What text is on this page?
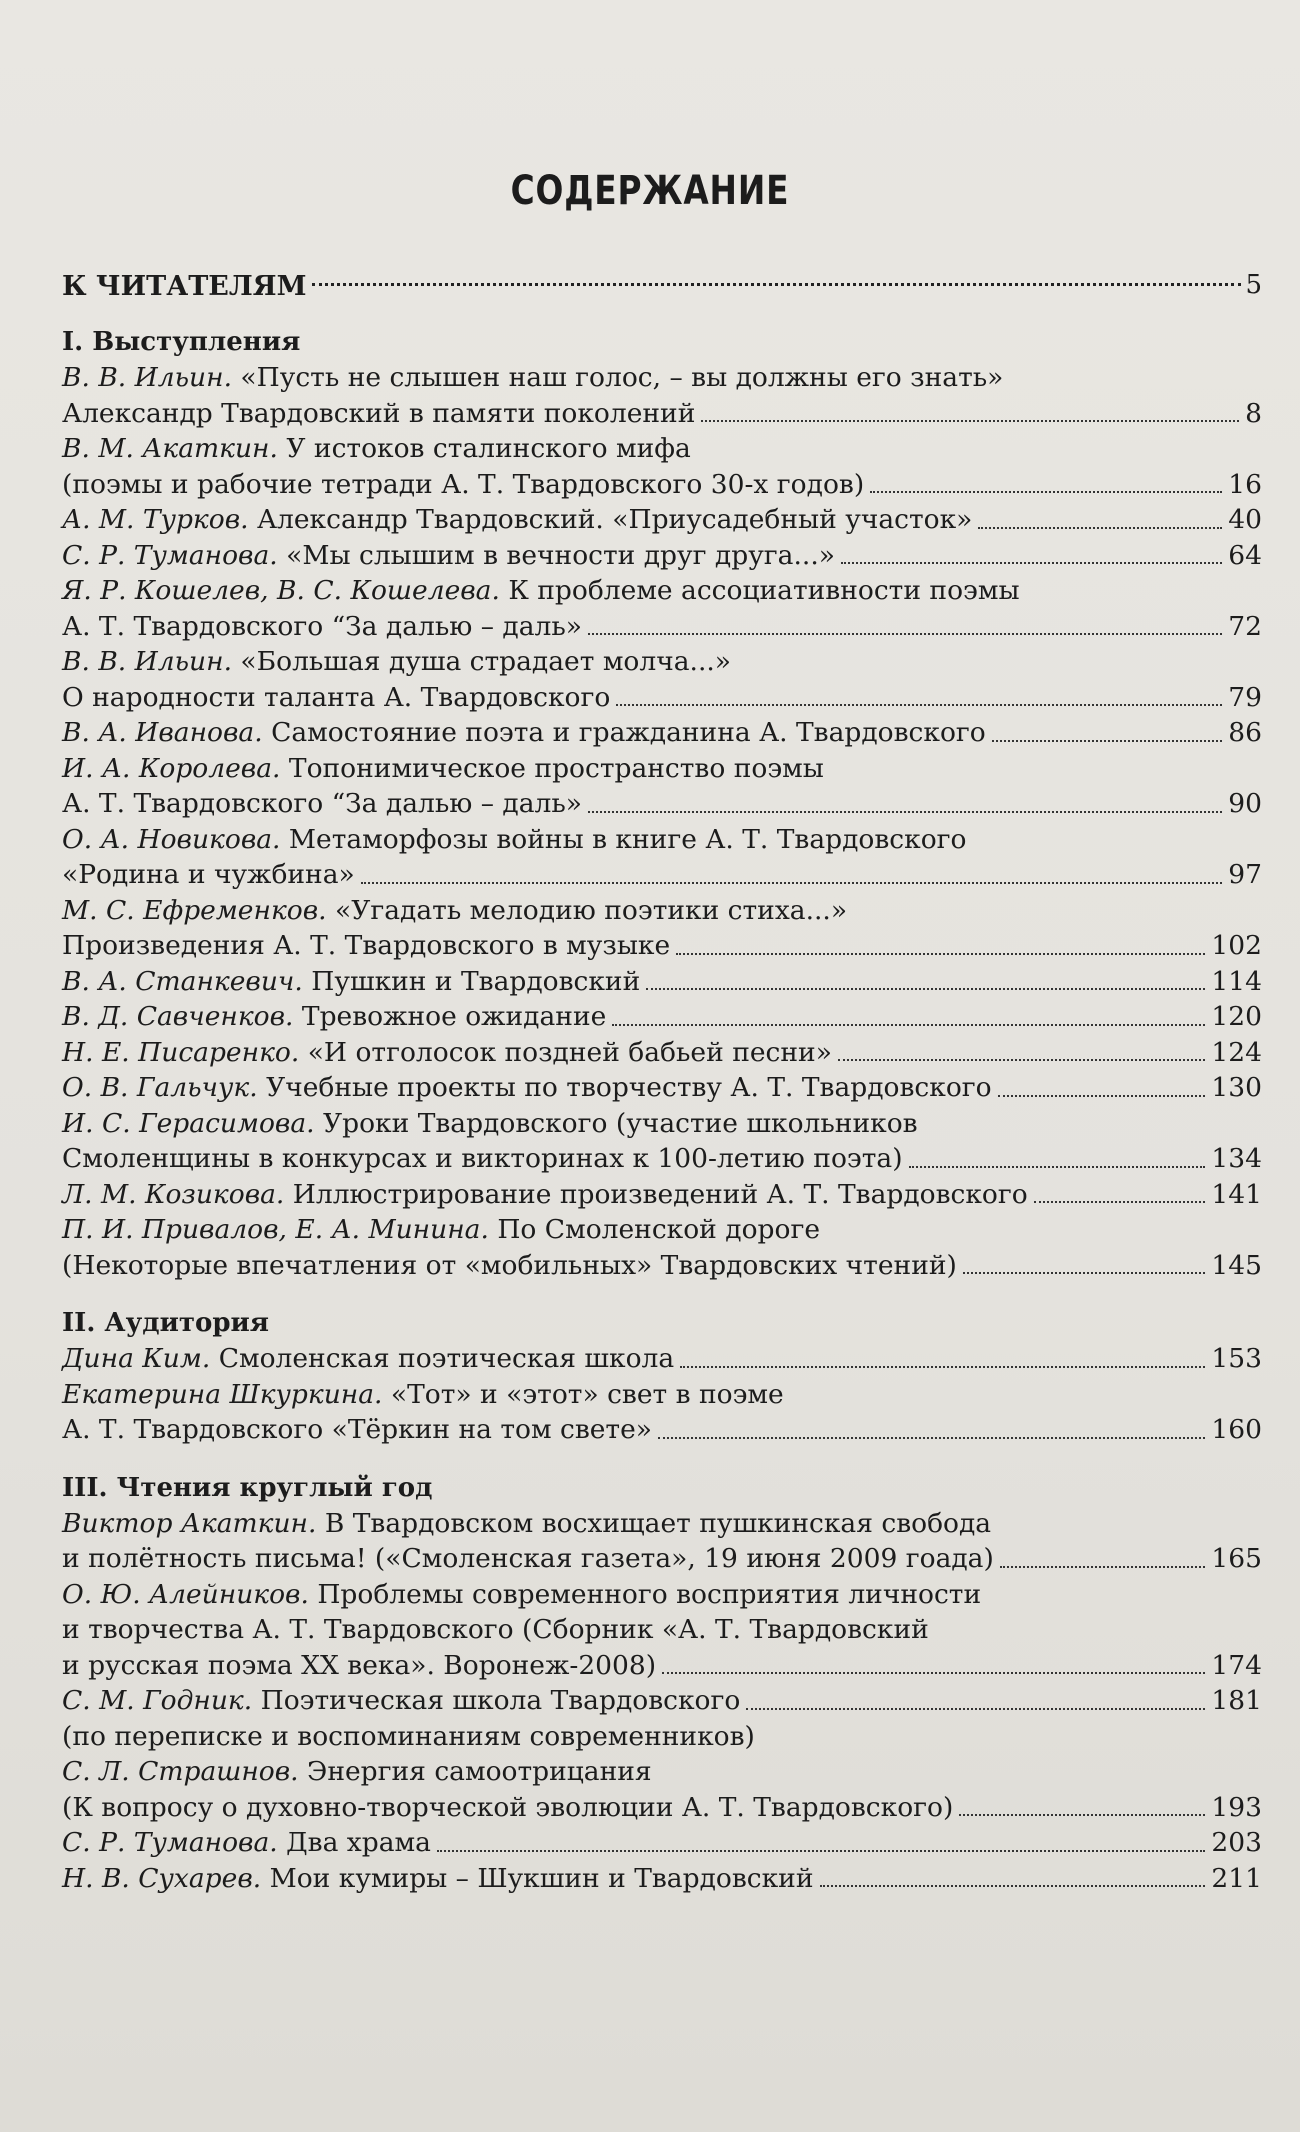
СОДЕРЖАНИЕ
К ЧИТАТЕЛЯМ	5
I. Выступления
В. В. Ильин. «Пусть не слышен наш голос, – вы должны его знать»
Александр Твардовский в памяти поколений	8
В. М. Акаткин. У истоков сталинского мифа
(поэмы и рабочие тетради А. Т. Твардовского 30-х годов)	16
А. М. Турков. Александр Твардовский. «Приусадебный участок»	40
С. Р. Туманова. «Мы слышим в вечности друг друга...»	64
Я. Р. Кошелев, В. С. Кошелева. К проблеме ассоциативности поэмы
А. Т. Твардовского “За далью – даль»	72
В. В. Ильин. «Большая душа страдает молча...»
О народности таланта А. Твардовского	79
В. А. Иванова. Самостояние поэта и гражданина А. Твардовского	86
И. А. Королева. Топонимическое пространство поэмы
А. Т. Твардовского “За далью – даль»	90
О. А. Новикова. Метаморфозы войны в книге А. Т. Твардовского
«Родина и чужбина»	97
М. С. Ефременков. «Угадать мелодию поэтики стиха...»
Произведения А. Т. Твардовского в музыке	102
В. А. Станкевич. Пушкин и Твардовский	114
В. Д. Савченков. Тревожное ожидание	120
Н. Е. Писаренко. «И отголосок поздней бабьей песни»	124
О. В. Гальчук. Учебные проекты по творчеству А. Т. Твардовского	130
И. С. Герасимова. Уроки Твардовского (участие школьников
Смоленщины в конкурсах и викторинах к 100-летию поэта)	134
Л. М. Козикова. Иллюстрирование произведений А. Т. Твардовского	141
П. И. Привалов, Е. А. Минина. По Смоленской дороге
(Некоторые впечатления от «мобильных» Твардовских чтений)	145
II. Аудитория
Дина Ким. Смоленская поэтическая школа	153
Екатерина Шкуркина. «Тот» и «этот» свет в поэме
А. Т. Твардовского «Тёркин на том свете»	160
III. Чтения круглый год
Виктор Акаткин. В Твардовском восхищает пушкинская свобода
и полётность письма! («Смоленская газета», 19 июня 2009 гоада)	165
О. Ю. Алейников. Проблемы современного восприятия личности
и творчества А. Т. Твардовского (Сборник «А. Т. Твардовский
и русская поэма XX века». Воронеж-2008)	174
С. М. Годник. Поэтическая школа Твардовского	181
(по переписке и воспоминаниям современников)
С. Л. Страшнов. Энергия самоотрицания
(К вопросу о духовно-творческой эволюции А. Т. Твардовского)	193
С. Р. Туманова. Два храма	203
Н. В. Сухарев. Мои кумиры – Шукшин и Твардовский	211
